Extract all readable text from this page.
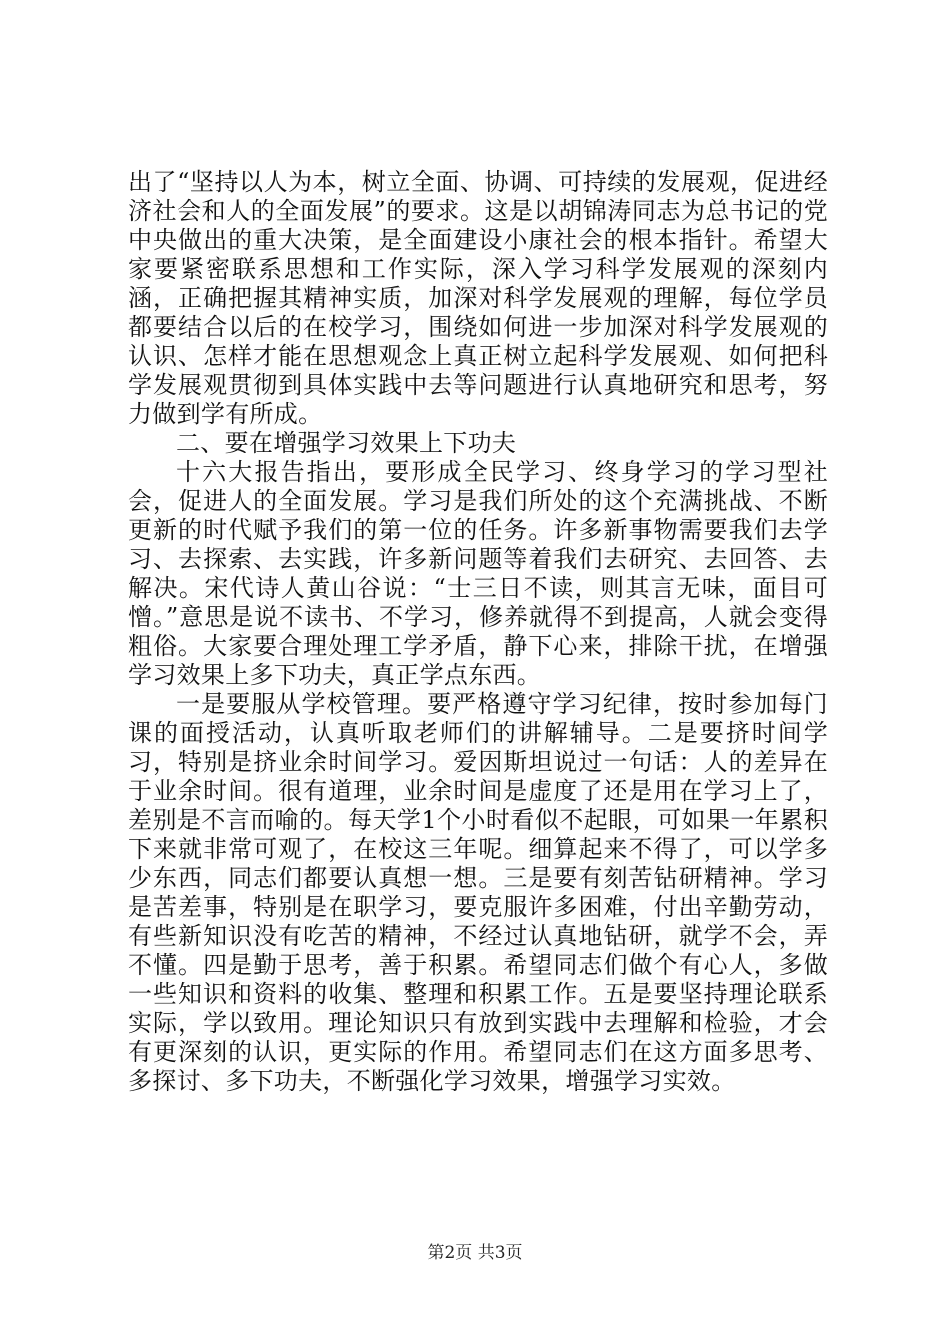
出了“坚持以人为本，树立全面、协调、可持续的发展观，促进经济社会和人的全面发展”的要求。这是以胡锦涛同志为总书记的党中央做出的重大决策，是全面建设小康社会的根本指针。希望大家要紧密联系思想和工作实际，深入学习科学发展观的深刻内涵，正确把握其精神实质，加深对科学发展观的理解，每位学员都要结合以后的在校学习，围绕如何进一步加深对科学发展观的认识、怎样才能在思想观念上真正树立起科学发展观、如何把科学发展观贯彻到具体实践中去等问题进行认真地研究和思考，努力做到学有所成。

二、要在增强学习效果上下功夫

十六大报告指出，要形成全民学习、终身学习的学习型社会，促进人的全面发展。学习是我们所处的这个充满挑战、不断更新的时代赋予我们的第一位的任务。许多新事物需要我们去学习、去探索、去实践，许多新问题等着我们去研究、去回答、去解决。宋代诗人黄山谷说：“士三日不读，则其言无味，面目可憎。”意思是说不读书、不学习，修养就得不到提高，人就会变得粗俗。大家要合理处理工学矛盾，静下心来，排除干扰，在增强学习效果上多下功夫，真正学点东西。

一是要服从学校管理。要严格遵守学习纪律，按时参加每门课的面授活动，认真听取老师们的讲解辅导。二是要挤时间学习，特别是挤业余时间学习。爱因斯坦说过一句话：人的差异在于业余时间。很有道理，业余时间是虚度了还是用在学习上了，差别是不言而喻的。每天学1个小时看似不起眼，可如果一年累积下来就非常可观了，在校这三年呢。细算起来不得了，可以学多少东西，同志们都要认真想一想。三是要有刻苦钻研精神。学习是苦差事，特别是在职学习，要克服许多困难，付出辛勤劳动，有些新知识没有吃苦的精神，不经过认真地钻研，就学不会，弄不懂。四是勤于思考，善于积累。希望同志们做个有心人，多做一些知识和资料的收集、整理和积累工作。五是要坚持理论联系实际，学以致用。理论知识只有放到实践中去理解和检验，才会有更深刻的认识，更实际的作用。希望同志们在这方面多思考、多探讨、多下功夫，不断强化学习效果，增强学习实效。

第2页 共3页
